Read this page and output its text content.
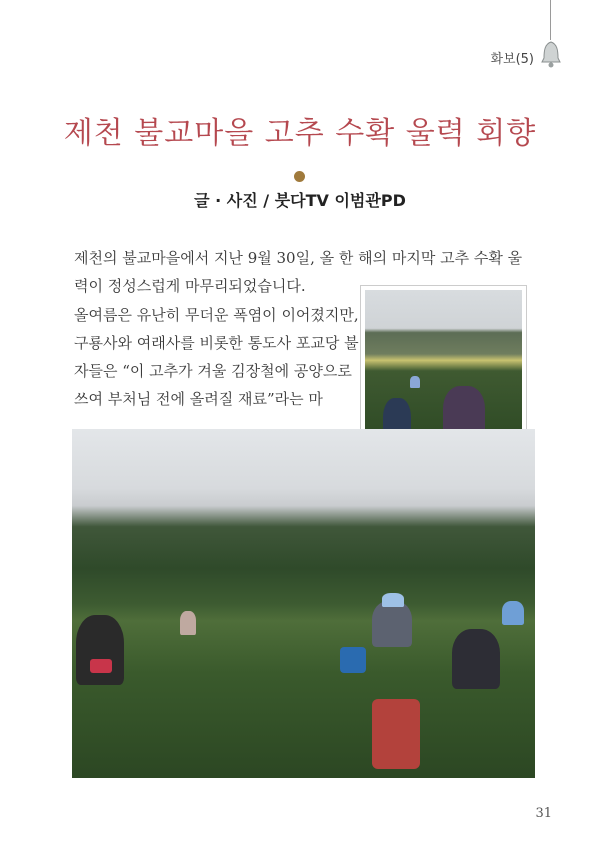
화보(5)
제천 불교마을 고추 수확 울력 회향
글 · 사진 / 붓다TV 이범관PD

제천의 불교마을에서 지난 9월 30일, 올 한 해의 마지막 고추 수확 울력이 정성스럽게 마무리되었습니다.

올여름은 유난히 무더운 폭염이 이어졌지만, 구룡사와 여래사를 비롯한 통도사 포교당 불자들은 “이 고추가 겨울 김장철에 공양으로 쓰여 부처님 전에 올려질 재료”라는 마

31
